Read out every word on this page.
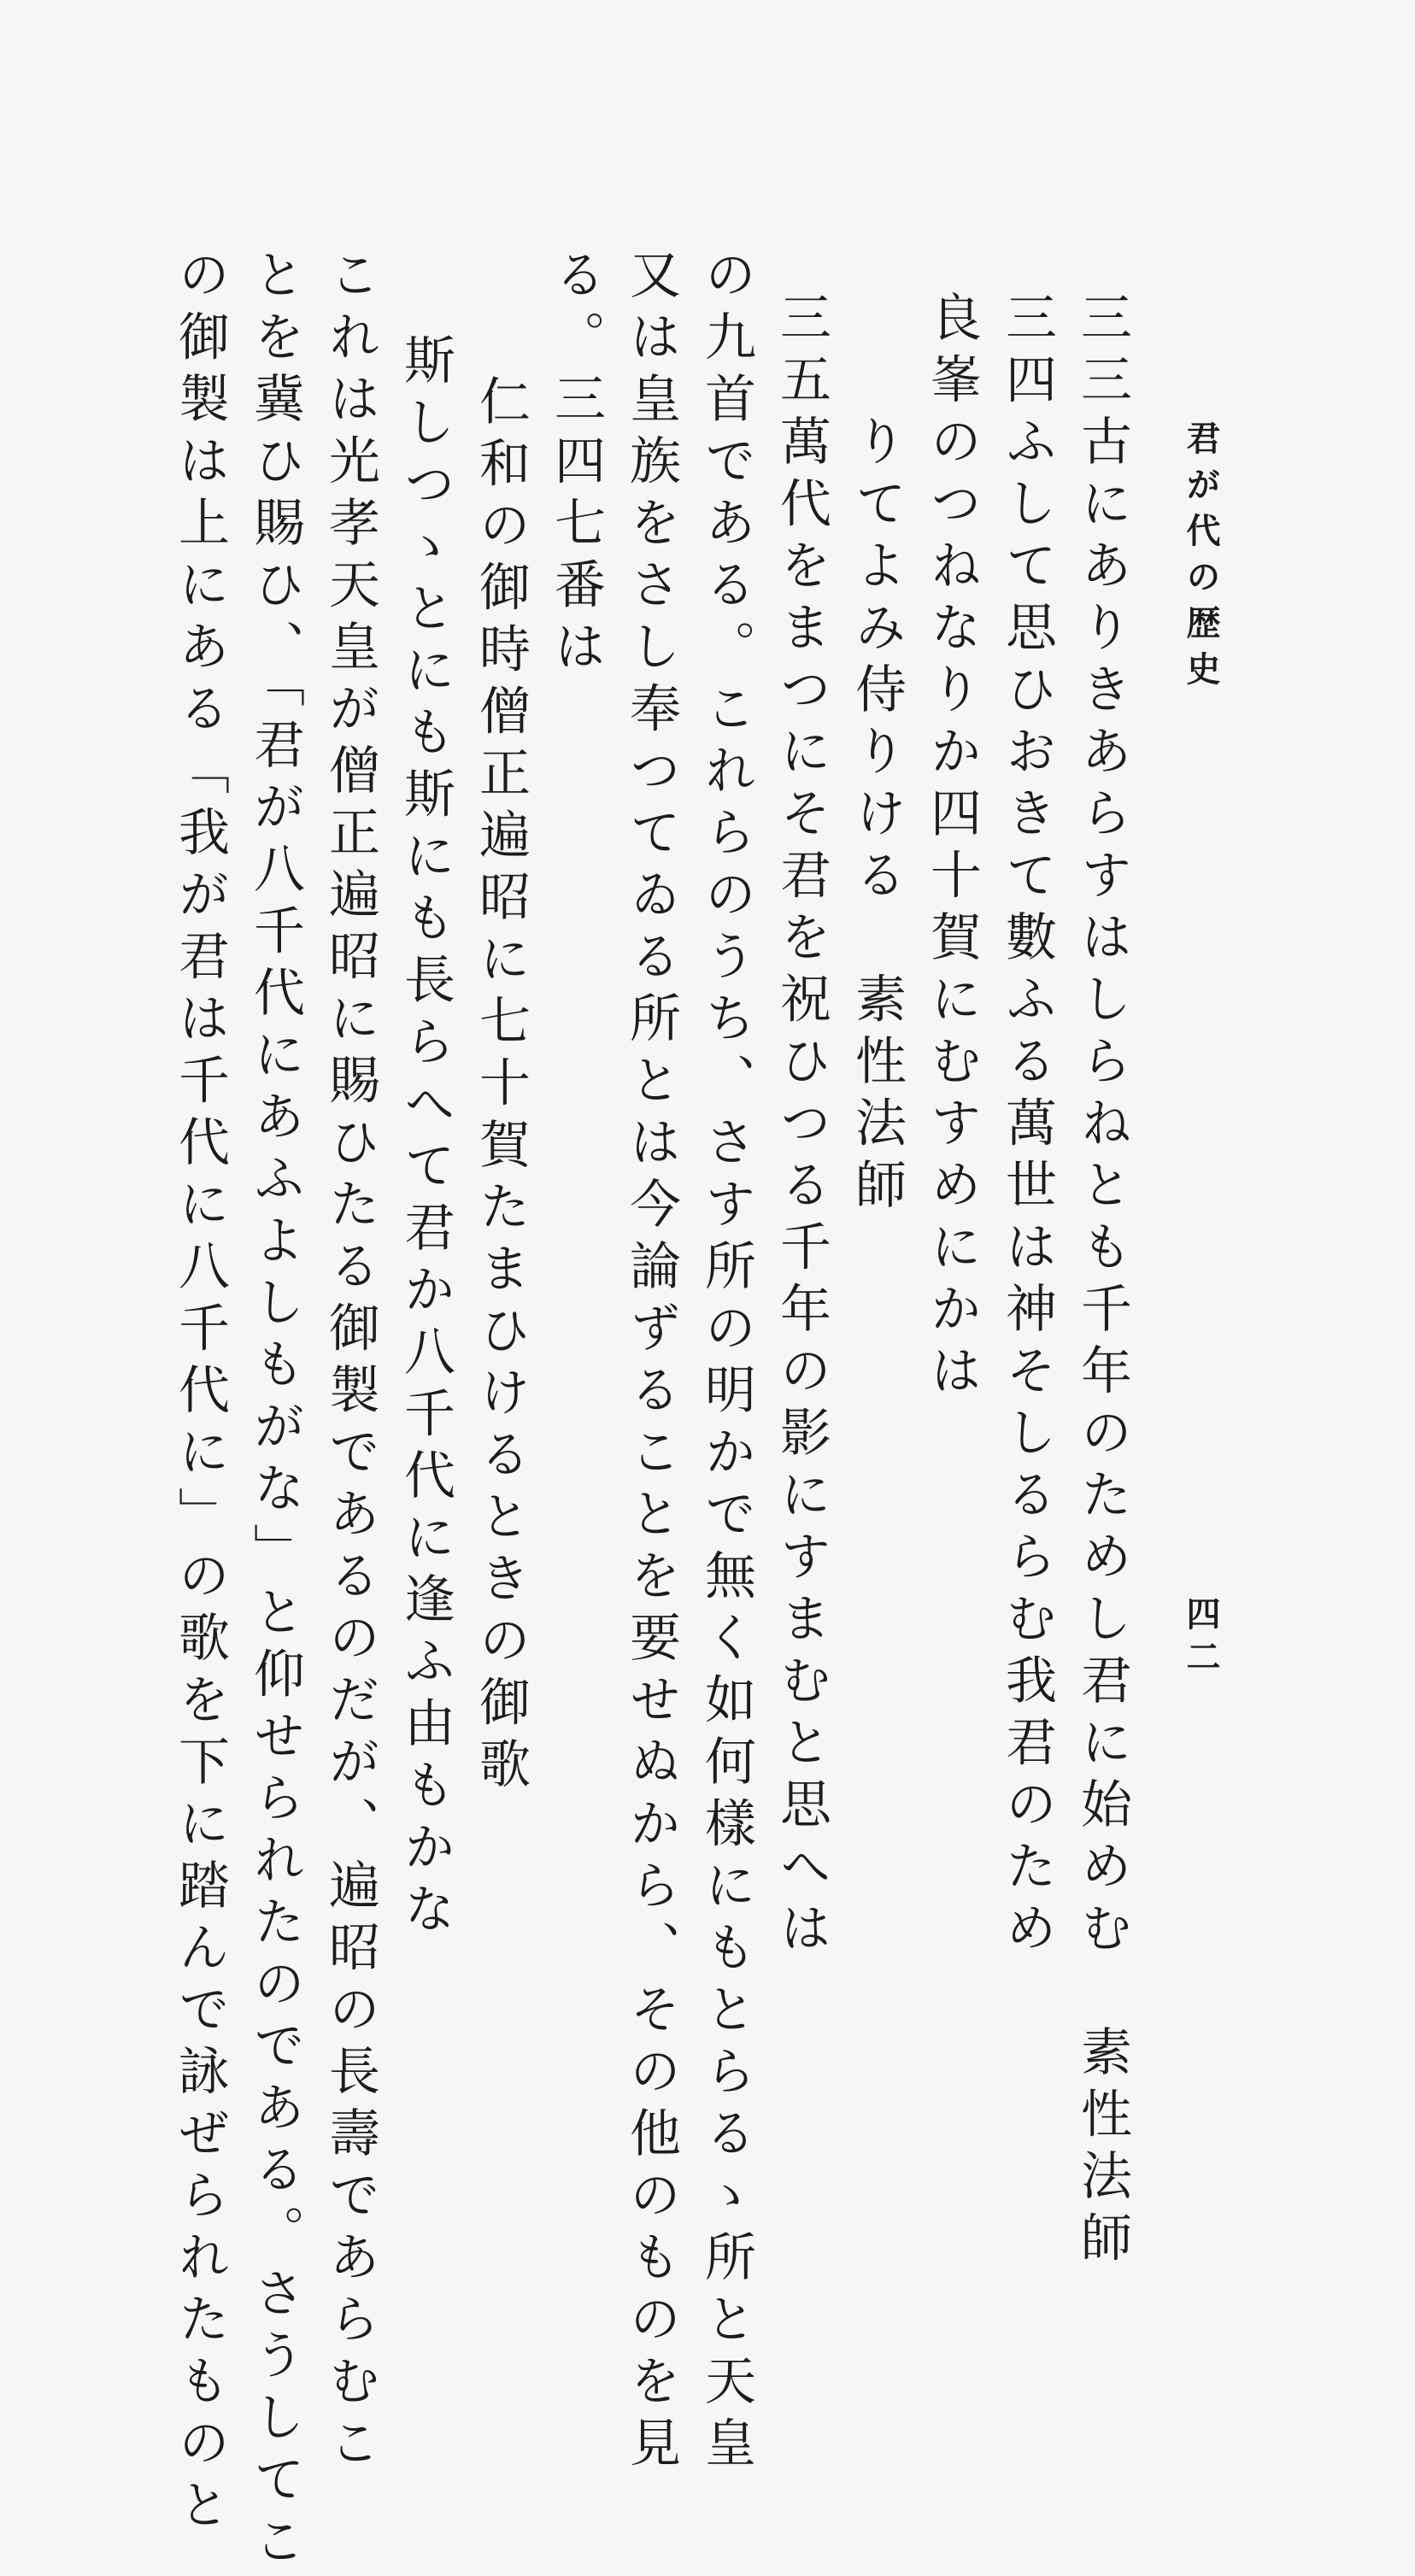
君が代の歴史
四二
三三古にありきあらすはしらねとも千年のためし君に始めむ　素性法師
三四ふして思ひおきて數ふる萬世は神そしるらむ我君のため
良峯のつねなりか四十賀にむすめにかは
りてよみ侍りける　素性法師
三五萬代をまつにそ君を祝ひつる千年の影にすまむと思へは
の九首である。これらのうち、さす所の明かで無く如何樣にもとらるゝ所と天皇
又は皇族をさし奉つてゐる所とは今論ずることを要せぬから、その他のものを見
る。三四七番は
仁和の御時僧正遍昭に七十賀たまひけるときの御歌
斯しつゝとにも斯にも長らへて君か八千代に逢ふ由もかな
これは光孝天皇が僧正遍昭に賜ひたる御製であるのだが、遍昭の長壽であらむこ
とを冀ひ賜ひ、「君が八千代にあふよしもがな」と仰せられたのである。さうしてこ
の御製は上にある「我が君は千代に八千代に」の歌を下に踏んで詠ぜられたものと
